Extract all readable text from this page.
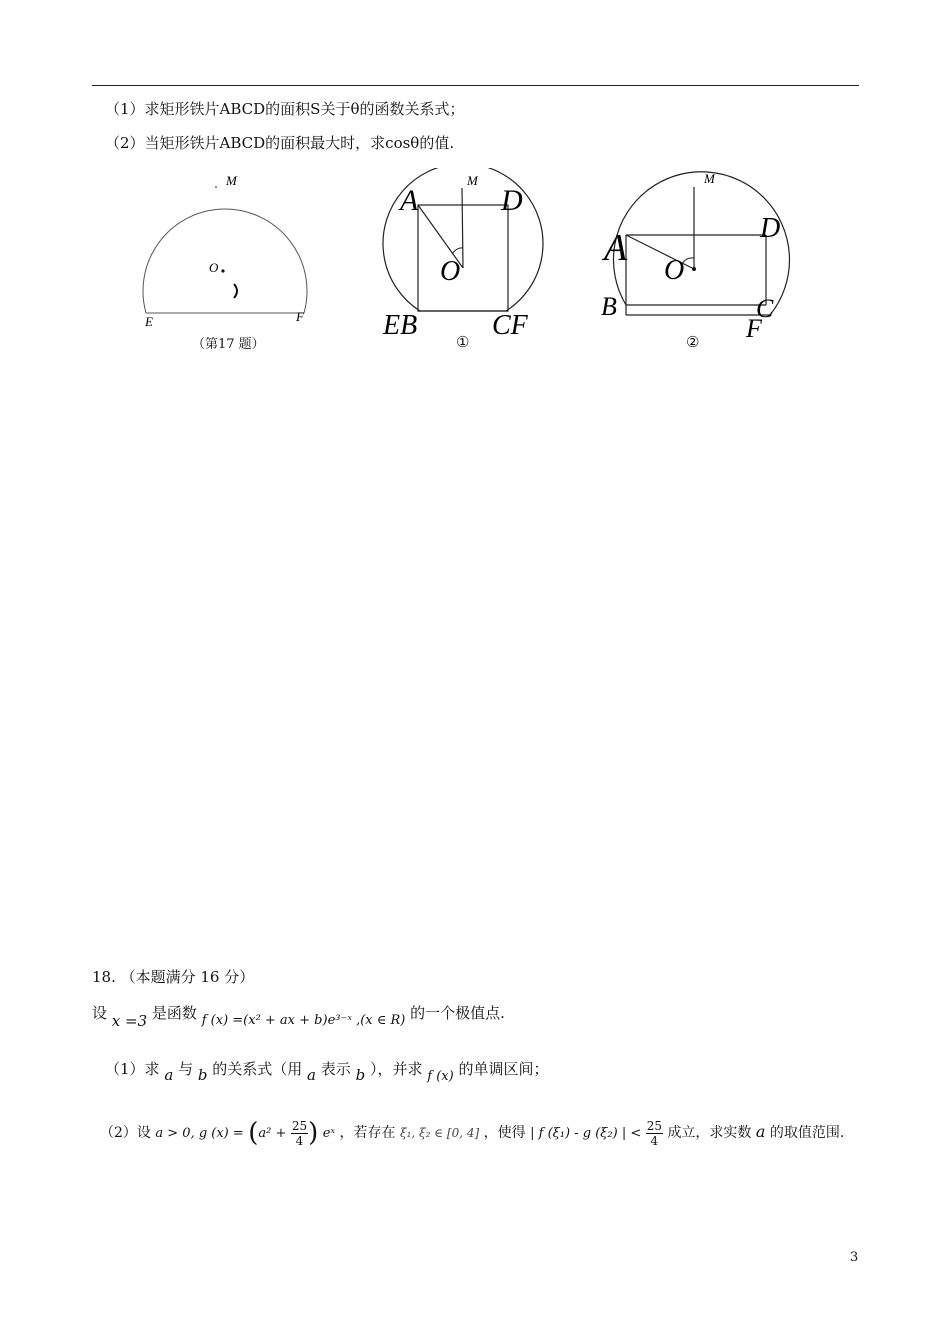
（1）求矩形铁片ABCD的面积S关于θ的函数关系式；
（2）当矩形铁片ABCD的面积最大时，求cosθ的值.
M
O
E	F
（第17 题）
A	D
M
O
EB	CF
①
M
A	D
O
B	C
F
②
18. （本题满分 16 分）
设 x =3 是函数 f (x) =(x² + ax + b)e³⁻ˣ ,(x ∈ R) 的一个极值点.
（1）求 a 与 b 的关系式（用 a 表示 b ），并求 f (x) 的单调区间；
（2）设 a > 0, g $(x) = (a^2 + \frac{25}{4}$ ) eˣ ，若存在 ξ₁, ξ₂ ∈ [0, 4] ，使得 | f (ξ₁) - g (ξ₂) | < $\frac{25}{4}$ 成立，求实数 a 的取值范围.
3
